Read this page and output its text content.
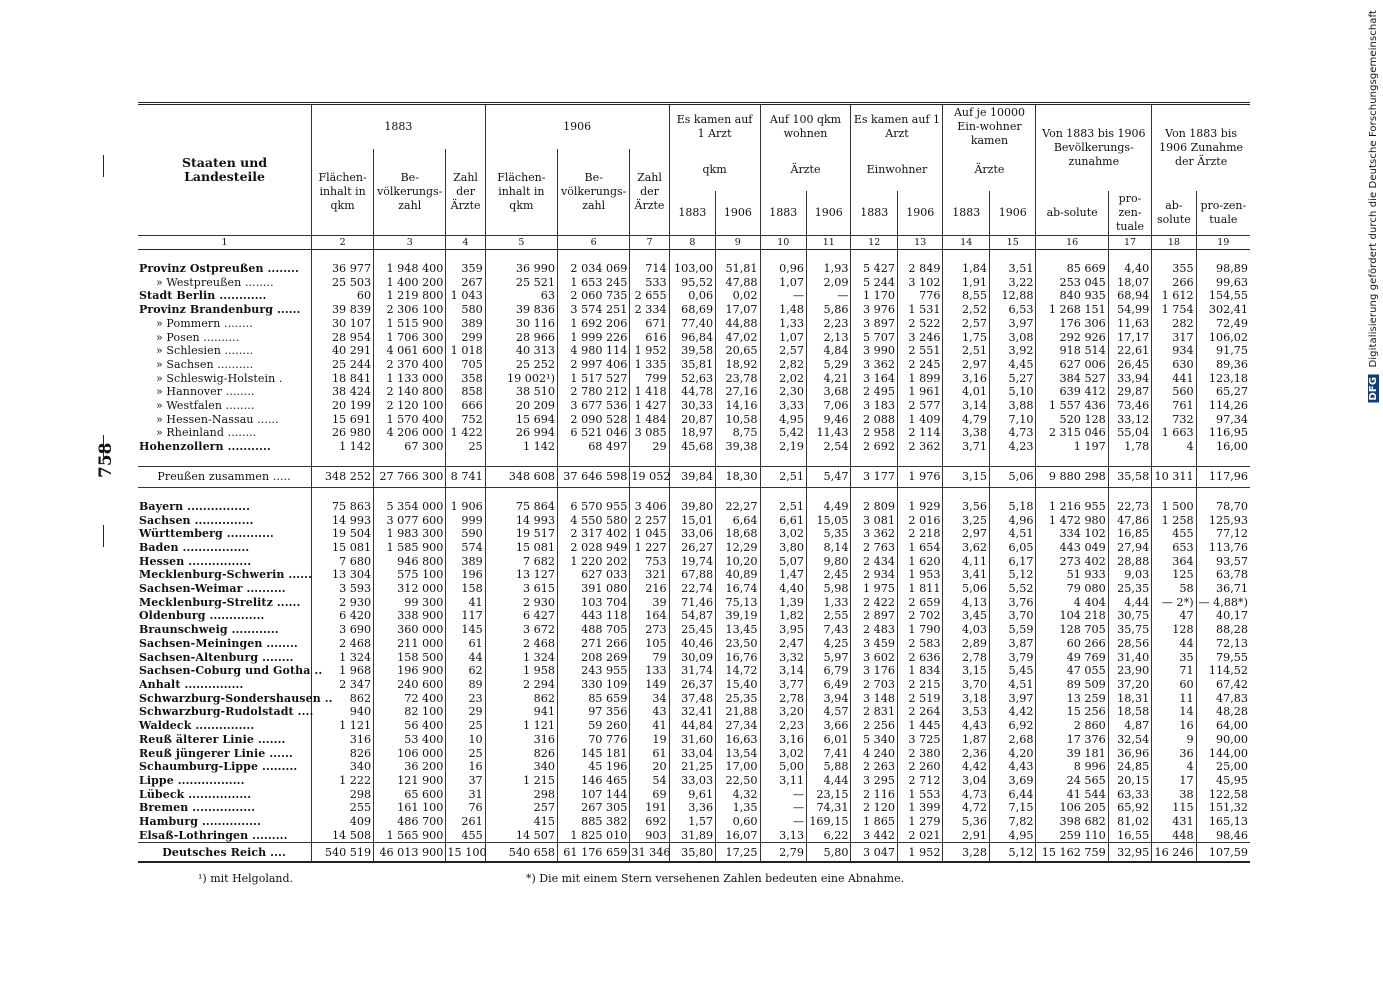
758
DFG Digitalisierung gefördert durch die Deutsche Forschungsgemeinschaft
Staaten und Landesteile	1883			1906			Es kamen auf 1 Arzt		Auf 100 qkm wohnen		Es kamen auf 1 Arzt		Auf je 10000 Ein-wohner kamen		Von 1883 bis 1906 Bevölkerungs-zunahme		Von 1883 bis 1906 Zunahme der Ärzte	
	Flächen-inhalt in qkm	Be-völkerungs-zahl	Zahl der Ärzte	Flächen-inhalt in qkm	Be-völkerungs-zahl	Zahl der Ärzte	qkm		Ärzte		Einwohner		Ärzte					
							1883	1906	1883	1906	1883	1906	1883	1906	ab-solute	pro-zen-tuale	ab-solute	pro-zen-tuale
1	2	3	4	5	6	7	8	9	10	11	12	13	14	15	16	17	18	19

Provinz Ostpreußen ........	36 977	1 948 400	359	36 990	2 034 069	714	103,00	51,81	0,96	1,93	5 427	2 849	1,84	3,51	85 669	4,40	355	98,89
» Westpreußen ........	25 503	1 400 200	267	25 521	1 653 245	533	95,52	47,88	1,07	2,09	5 244	3 102	1,91	3,22	253 045	18,07	266	99,63
Stadt Berlin ............	60	1 219 800	1 043	63	2 060 735	2 655	0,06	0,02	—	—	1 170	776	8,55	12,88	840 935	68,94	1 612	154,55
Provinz Brandenburg ......	39 839	2 306 100	580	39 836	3 574 251	2 334	68,69	17,07	1,48	5,86	3 976	1 531	2,52	6,53	1 268 151	54,99	1 754	302,41
» Pommern ........	30 107	1 515 900	389	30 116	1 692 206	671	77,40	44,88	1,33	2,23	3 897	2 522	2,57	3,97	176 306	11,63	282	72,49
» Posen ..........	28 954	1 706 300	299	28 966	1 999 226	616	96,84	47,02	1,07	2,13	5 707	3 246	1,75	3,08	292 926	17,17	317	106,02
» Schlesien ........	40 291	4 061 600	1 018	40 313	4 980 114	1 952	39,58	20,65	2,57	4,84	3 990	2 551	2,51	3,92	918 514	22,61	934	91,75
» Sachsen ..........	25 244	2 370 400	705	25 252	2 997 406	1 335	35,81	18,92	2,82	5,29	3 362	2 245	2,97	4,45	627 006	26,45	630	89,36
» Schleswig-Holstein .	18 841	1 133 000	358	19 002¹)	1 517 527	799	52,63	23,78	2,02	4,21	3 164	1 899	3,16	5,27	384 527	33,94	441	123,18
» Hannover ........	38 424	2 140 800	858	38 510	2 780 212	1 418	44,78	27,16	2,30	3,68	2 495	1 961	4,01	5,10	639 412	29,87	560	65,27
» Westfalen ........	20 199	2 120 100	666	20 209	3 677 536	1 427	30,33	14,16	3,33	7,06	3 183	2 577	3,14	3,88	1 557 436	73,46	761	114,26
» Hessen-Nassau ......	15 691	1 570 400	752	15 694	2 090 528	1 484	20,87	10,58	4,95	9,46	2 088	1 409	4,79	7,10	520 128	33,12	732	97,34
» Rheinland ........	26 980	4 206 000	1 422	26 994	6 521 046	3 085	18,97	8,75	5,42	11,43	2 958	2 114	3,38	4,73	2 315 046	55,04	1 663	116,95
Hohenzollern ...........	1 142	67 300	25	1 142	68 497	29	45,68	39,38	2,19	2,54	2 692	2 362	3,71	4,23	1 197	1,78	4	16,00

Preußen zusammen .....	348 252	27 766 300	8 741	348 608	37 646 598	19 052	39,84	18,30	2,51	5,47	3 177	1 976	3,15	5,06	9 880 298	35,58	10 311	117,96

Bayern ................	75 863	5 354 000	1 906	75 864	6 570 955	3 406	39,80	22,27	2,51	4,49	2 809	1 929	3,56	5,18	1 216 955	22,73	1 500	78,70
Sachsen ...............	14 993	3 077 600	999	14 993	4 550 580	2 257	15,01	6,64	6,61	15,05	3 081	2 016	3,25	4,96	1 472 980	47,86	1 258	125,93
Württemberg ............	19 504	1 983 300	590	19 517	2 317 402	1 045	33,06	18,68	3,02	5,35	3 362	2 218	2,97	4,51	334 102	16,85	455	77,12
Baden .................	15 081	1 585 900	574	15 081	2 028 949	1 227	26,27	12,29	3,80	8,14	2 763	1 654	3,62	6,05	443 049	27,94	653	113,76
Hessen ................	7 680	946 800	389	7 682	1 220 202	753	19,74	10,20	5,07	9,80	2 434	1 620	4,11	6,17	273 402	28,88	364	93,57
Mecklenburg-Schwerin ......	13 304	575 100	196	13 127	627 033	321	67,88	40,89	1,47	2,45	2 934	1 953	3,41	5,12	51 933	9,03	125	63,78
Sachsen-Weimar ..........	3 593	312 000	158	3 615	391 080	216	22,74	16,74	4,40	5,98	1 975	1 811	5,06	5,52	79 080	25,35	58	36,71
Mecklenburg-Strelitz ......	2 930	99 300	41	2 930	103 704	39	71,46	75,13	1,39	1,33	2 422	2 659	4,13	3,76	4 404	4,44	— 2*)	— 4,88*)
Oldenburg ..............	6 420	338 900	117	6 427	443 118	164	54,87	39,19	1,82	2,55	2 897	2 702	3,45	3,70	104 218	30,75	47	40,17
Braunschweig ............	3 690	360 000	145	3 672	488 705	273	25,45	13,45	3,95	7,43	2 483	1 790	4,03	5,59	128 705	35,75	128	88,28
Sachsen-Meiningen ........	2 468	211 000	61	2 468	271 266	105	40,46	23,50	2,47	4,25	3 459	2 583	2,89	3,87	60 266	28,56	44	72,13
Sachsen-Altenburg ........	1 324	158 500	44	1 324	208 269	79	30,09	16,76	3,32	5,97	3 602	2 636	2,78	3,79	49 769	31,40	35	79,55
Sachsen-Coburg und Gotha ..	1 968	196 900	62	1 958	243 955	133	31,74	14,72	3,14	6,79	3 176	1 834	3,15	5,45	47 055	23,90	71	114,52
Anhalt ...............	2 347	240 600	89	2 294	330 109	149	26,37	15,40	3,77	6,49	2 703	2 215	3,70	4,51	89 509	37,20	60	67,42
Schwarzburg-Sondershausen ..	862	72 400	23	862	85 659	34	37,48	25,35	2,78	3,94	3 148	2 519	3,18	3,97	13 259	18,31	11	47,83
Schwarzburg-Rudolstadt ....	940	82 100	29	941	97 356	43	32,41	21,88	3,20	4,57	2 831	2 264	3,53	4,42	15 256	18,58	14	48,28
Waldeck ...............	1 121	56 400	25	1 121	59 260	41	44,84	27,34	2,23	3,66	2 256	1 445	4,43	6,92	2 860	4,87	16	64,00
Reuß älterer Linie .......	316	53 400	10	316	70 776	19	31,60	16,63	3,16	6,01	5 340	3 725	1,87	2,68	17 376	32,54	9	90,00
Reuß jüngerer Linie ......	826	106 000	25	826	145 181	61	33,04	13,54	3,02	7,41	4 240	2 380	2,36	4,20	39 181	36,96	36	144,00
Schaumburg-Lippe .........	340	36 200	16	340	45 196	20	21,25	17,00	5,00	5,88	2 263	2 260	4,42	4,43	8 996	24,85	4	25,00
Lippe .................	1 222	121 900	37	1 215	146 465	54	33,03	22,50	3,11	4,44	3 295	2 712	3,04	3,69	24 565	20,15	17	45,95
Lübeck ................	298	65 600	31	298	107 144	69	9,61	4,32	—	23,15	2 116	1 553	4,73	6,44	41 544	63,33	38	122,58
Bremen ................	255	161 100	76	257	267 305	191	3,36	1,35	—	74,31	2 120	1 399	4,72	7,15	106 205	65,92	115	151,32
Hamburg ...............	409	486 700	261	415	885 382	692	1,57	0,60	—	169,15	1 865	1 279	5,36	7,82	398 682	81,02	431	165,13
Elsaß-Lothringen .........	14 508	1 565 900	455	14 507	1 825 010	903	31,89	16,07	3,13	6,22	3 442	2 021	2,91	4,95	259 110	16,55	448	98,46
Deutsches Reich ....	540 519	46 013 900	15 100	540 658	61 176 659	31 346	35,80	17,25	2,79	5,80	3 047	1 952	3,28	5,12	15 162 759	32,95	16 246	107,59
¹) mit Helgoland.	*) Die mit einem Stern versehenen Zahlen bedeuten eine Abnahme.
